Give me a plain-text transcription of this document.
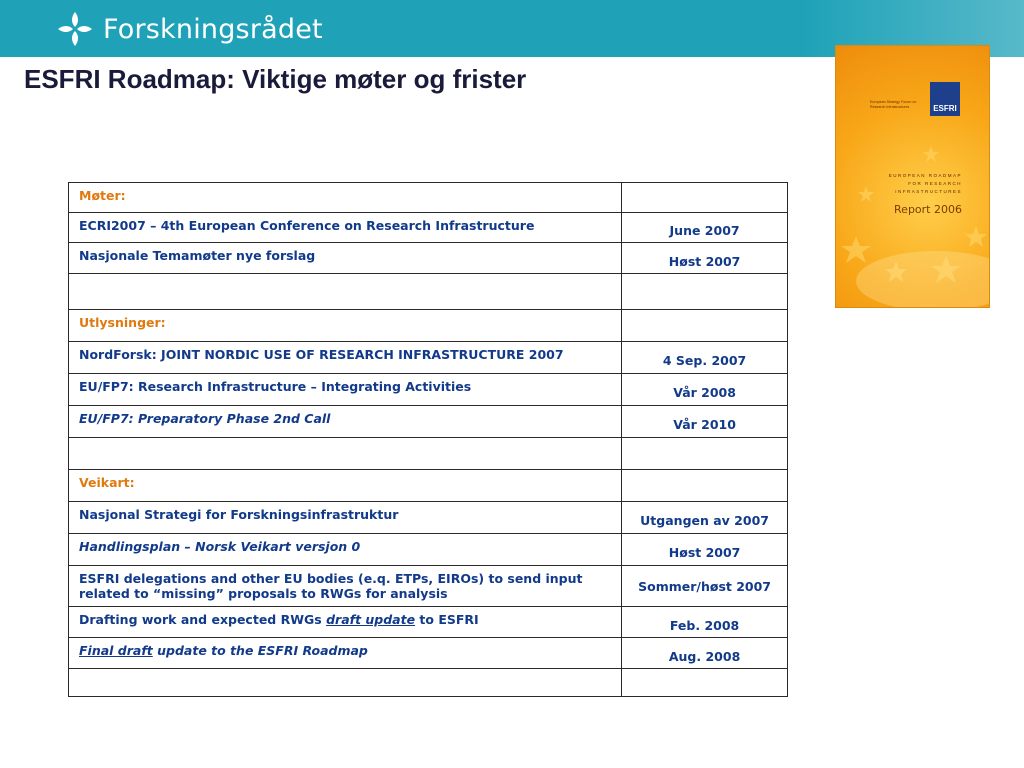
Forskningsrådet
ESFRI Roadmap: Viktige møter og frister
European Strategy Forum on Research Infrastructures	ESFRI
EUROPEAN ROADMAP FOR RESEARCH INFRASTRUCTURES
Report 2006
Møter:	
ECRI2007 – 4th European Conference on Research Infrastructure	June 2007

Nasjonale Temamøter nye forslag	Høst 2007

Utlysninger:	
NordForsk: JOINT NORDIC USE OF RESEARCH INFRASTRUCTURE 2007	4 Sep. 2007

EU/FP7: Research Infrastructure – Integrating Activities	Vår 2008

EU/FP7: Preparatory Phase 2nd Call	Vår 2010

Veikart:	
Nasjonal Strategi for Forskningsinfrastruktur	Utgangen av 2007

Handlingsplan – Norsk Veikart versjon 0	Høst 2007

ESFRI delegations and other EU bodies (e.q. ETPs, EIROs) to send input related to “missing” proposals to RWGs for analysis	Sommer/høst 2007
Drafting work and expected RWGs draft update to ESFRI	Feb. 2008

Final draft update to the ESFRI Roadmap	Aug. 2008
